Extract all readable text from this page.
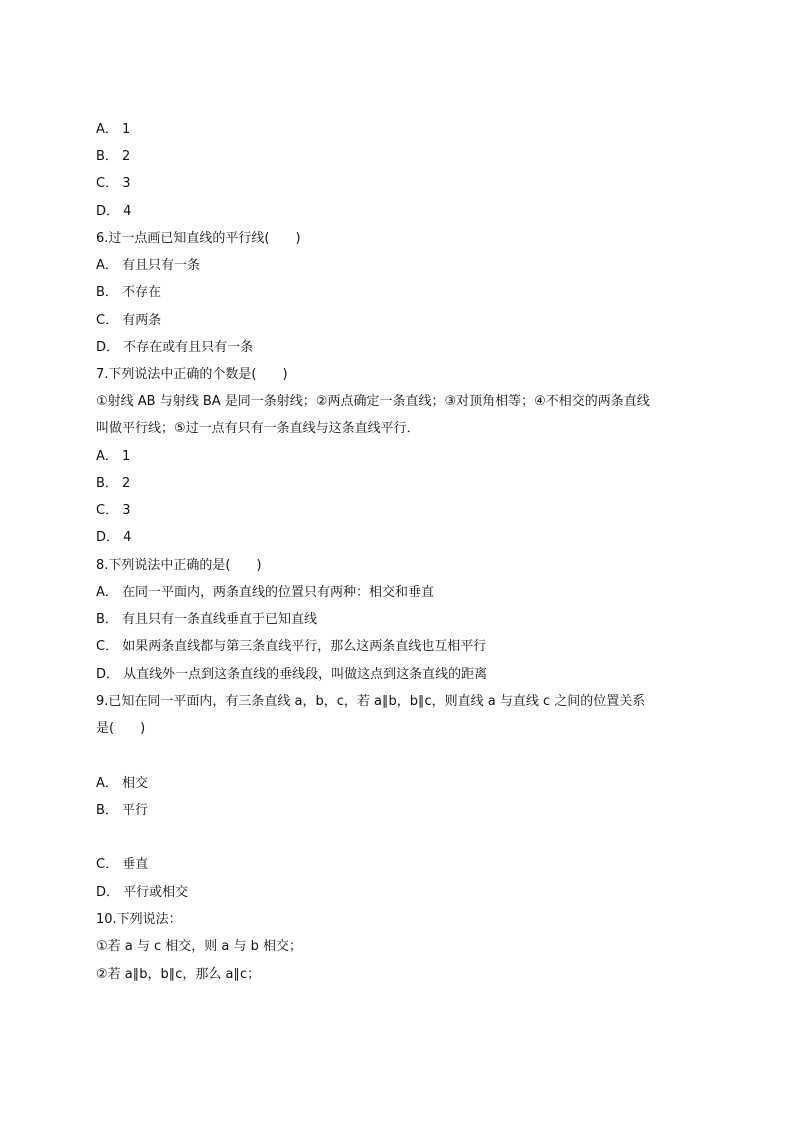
A． 1
B． 2
C． 3
D． 4
6.过一点画已知直线的平行线(　　)
A． 有且只有一条
B． 不存在
C． 有两条
D． 不存在或有且只有一条
7.下列说法中正确的个数是(　　)
①射线 AB 与射线 BA 是同一条射线；②两点确定一条直线；③对顶角相等；④不相交的两条直线
叫做平行线；⑤过一点有只有一条直线与这条直线平行．
A． 1
B． 2
C． 3
D． 4
8.下列说法中正确的是(　　)
A． 在同一平面内，两条直线的位置只有两种：相交和垂直
B． 有且只有一条直线垂直于已知直线
C． 如果两条直线都与第三条直线平行，那么这两条直线也互相平行
D． 从直线外一点到这条直线的垂线段，叫做这点到这条直线的距离
9.已知在同一平面内，有三条直线 a，b，c，若 a∥b，b∥c，则直线 a 与直线 c 之间的位置关系
是(　　)
A． 相交
B． 平行
C． 垂直
D． 平行或相交
10.下列说法：
①若 a 与 c 相交，则 a 与 b 相交；
②若 a∥b，b∥c，那么 a∥c；
